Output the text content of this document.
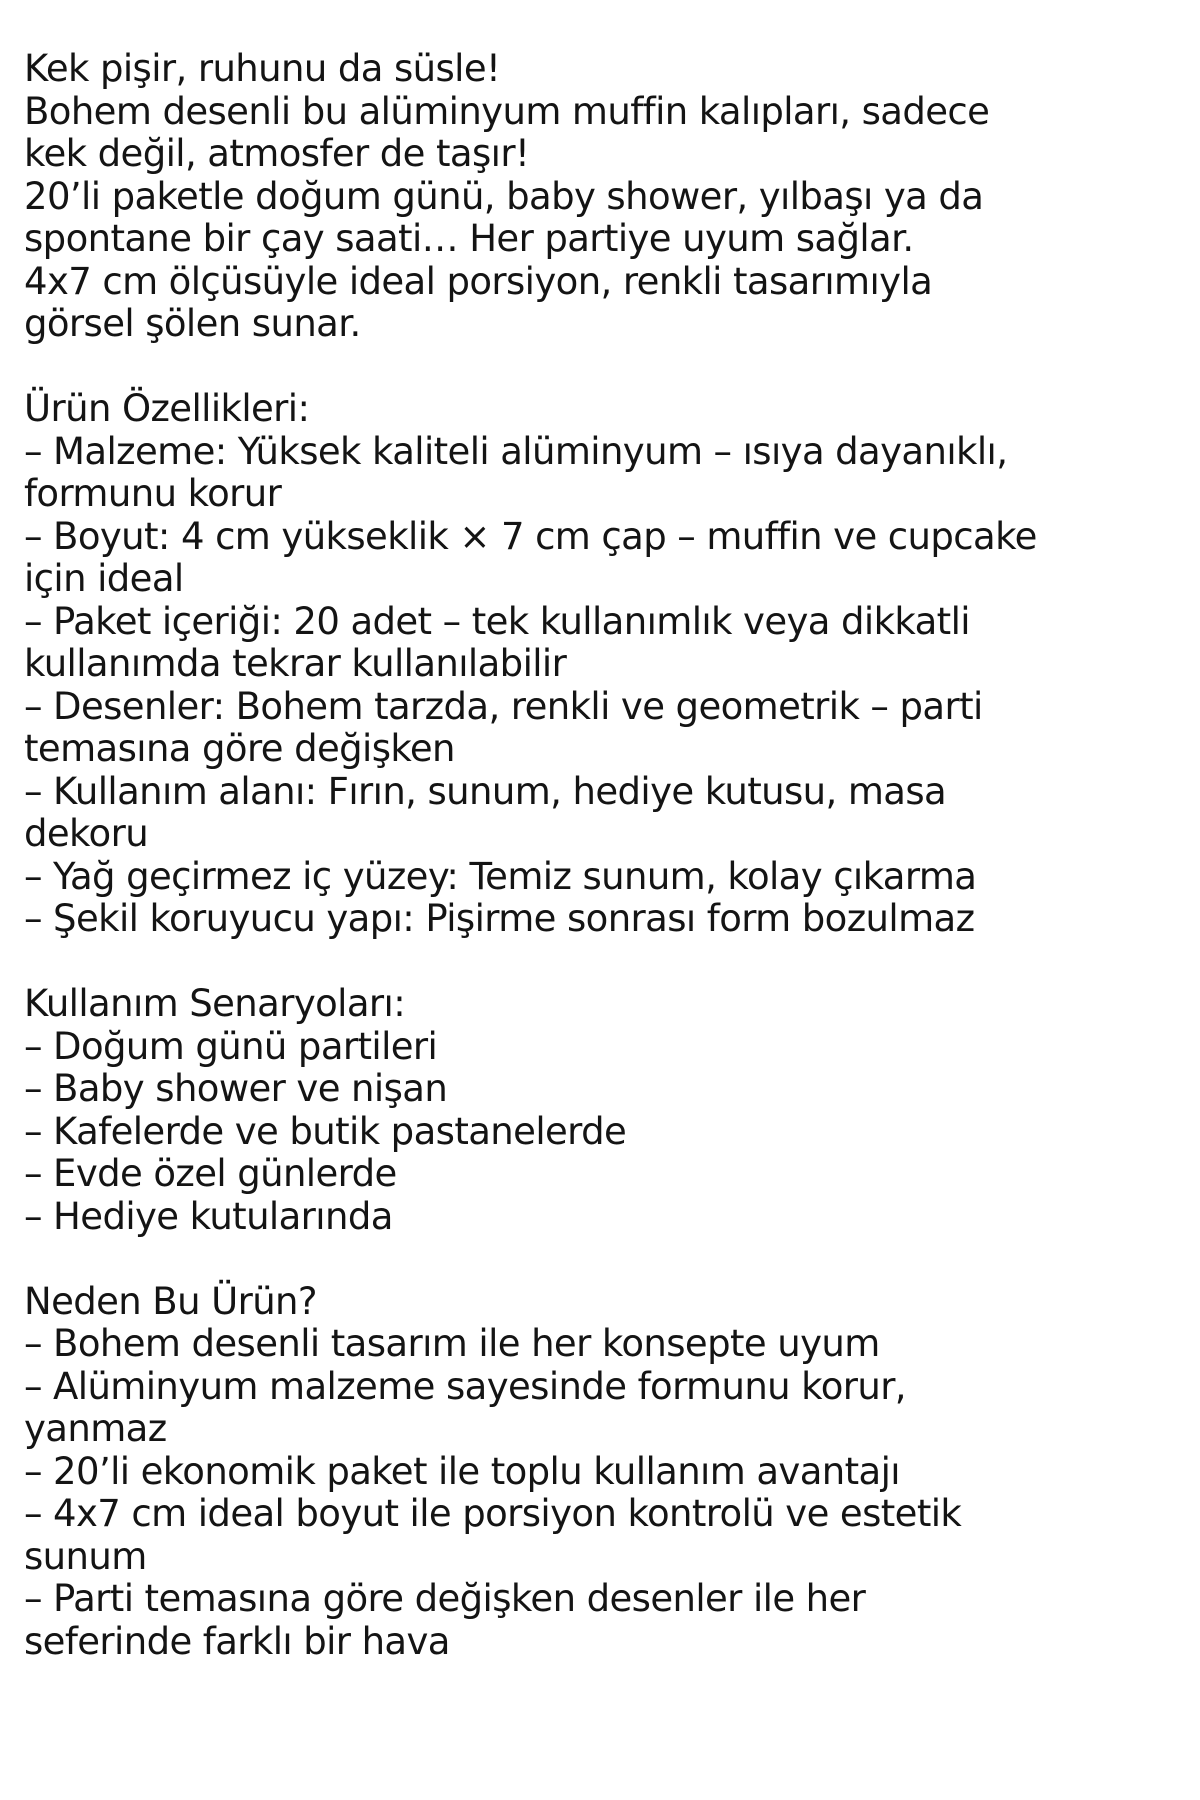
Kek pişir, ruhunu da süsle!
Bohem desenli bu alüminyum muffin kalıpları, sadece
kek değil, atmosfer de taşır!
20’li paketle doğum günü, baby shower, yılbaşı ya da
spontane bir çay saati… Her partiye uyum sağlar.
4x7 cm ölçüsüyle ideal porsiyon, renkli tasarımıyla
görsel şölen sunar.
Ürün Özellikleri:
– Malzeme: Yüksek kaliteli alüminyum – ısıya dayanıklı,
formunu korur
– Boyut: 4 cm yükseklik × 7 cm çap – muffin ve cupcake
için ideal
– Paket içeriği: 20 adet – tek kullanımlık veya dikkatli
kullanımda tekrar kullanılabilir
– Desenler: Bohem tarzda, renkli ve geometrik – parti
temasına göre değişken
– Kullanım alanı: Fırın, sunum, hediye kutusu, masa
dekoru
– Yağ geçirmez iç yüzey: Temiz sunum, kolay çıkarma
– Şekil koruyucu yapı: Pişirme sonrası form bozulmaz
Kullanım Senaryoları:
– Doğum günü partileri
– Baby shower ve nişan
– Kafelerde ve butik pastanelerde
– Evde özel günlerde
– Hediye kutularında
Neden Bu Ürün?
– Bohem desenli tasarım ile her konsepte uyum
– Alüminyum malzeme sayesinde formunu korur,
yanmaz
– 20’li ekonomik paket ile toplu kullanım avantajı
– 4x7 cm ideal boyut ile porsiyon kontrolü ve estetik
sunum
– Parti temasına göre değişken desenler ile her
seferinde farklı bir hava
